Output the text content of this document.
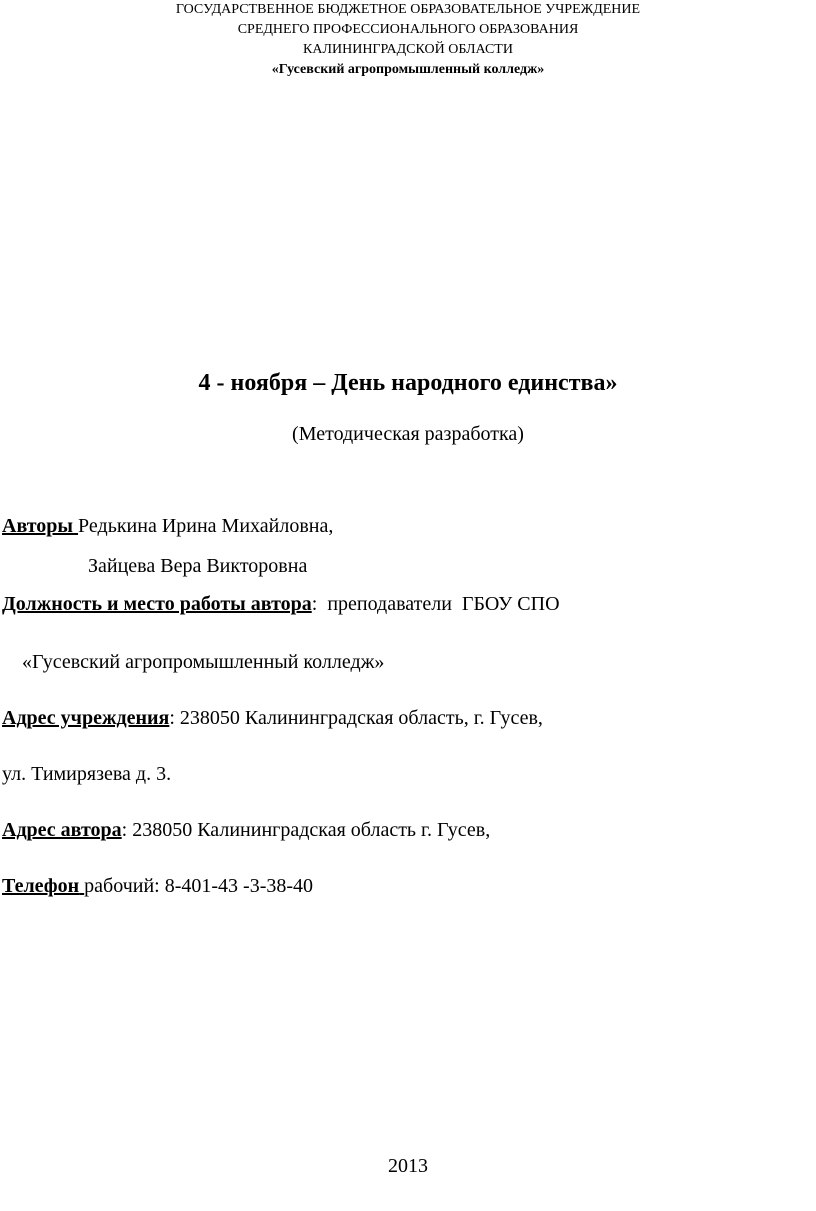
ГОСУДАРСТВЕННОЕ БЮДЖЕТНОЕ ОБРАЗОВАТЕЛЬНОЕ УЧРЕЖДЕНИЕ
СРЕДНЕГО ПРОФЕССИОНАЛЬНОГО ОБРАЗОВАНИЯ
КАЛИНИНГРАДСКОЙ ОБЛАСТИ
«Гусевский агропромышленный колледж»
4 - ноября – День народного единства»
(Методическая разработка)
Авторы Редькина Ирина Михайловна,
Зайцева Вера Викторовна
Должность и место работы автора:  преподаватели  ГБОУ СПО
«Гусевский агропромышленный колледж»
Адрес учреждения: 238050 Калининградская область, г. Гусев,
ул. Тимирязева д. 3.
Адрес автора: 238050 Калининградская область г. Гусев,
Телефон рабочий: 8-401-43 -3-38-40
2013
